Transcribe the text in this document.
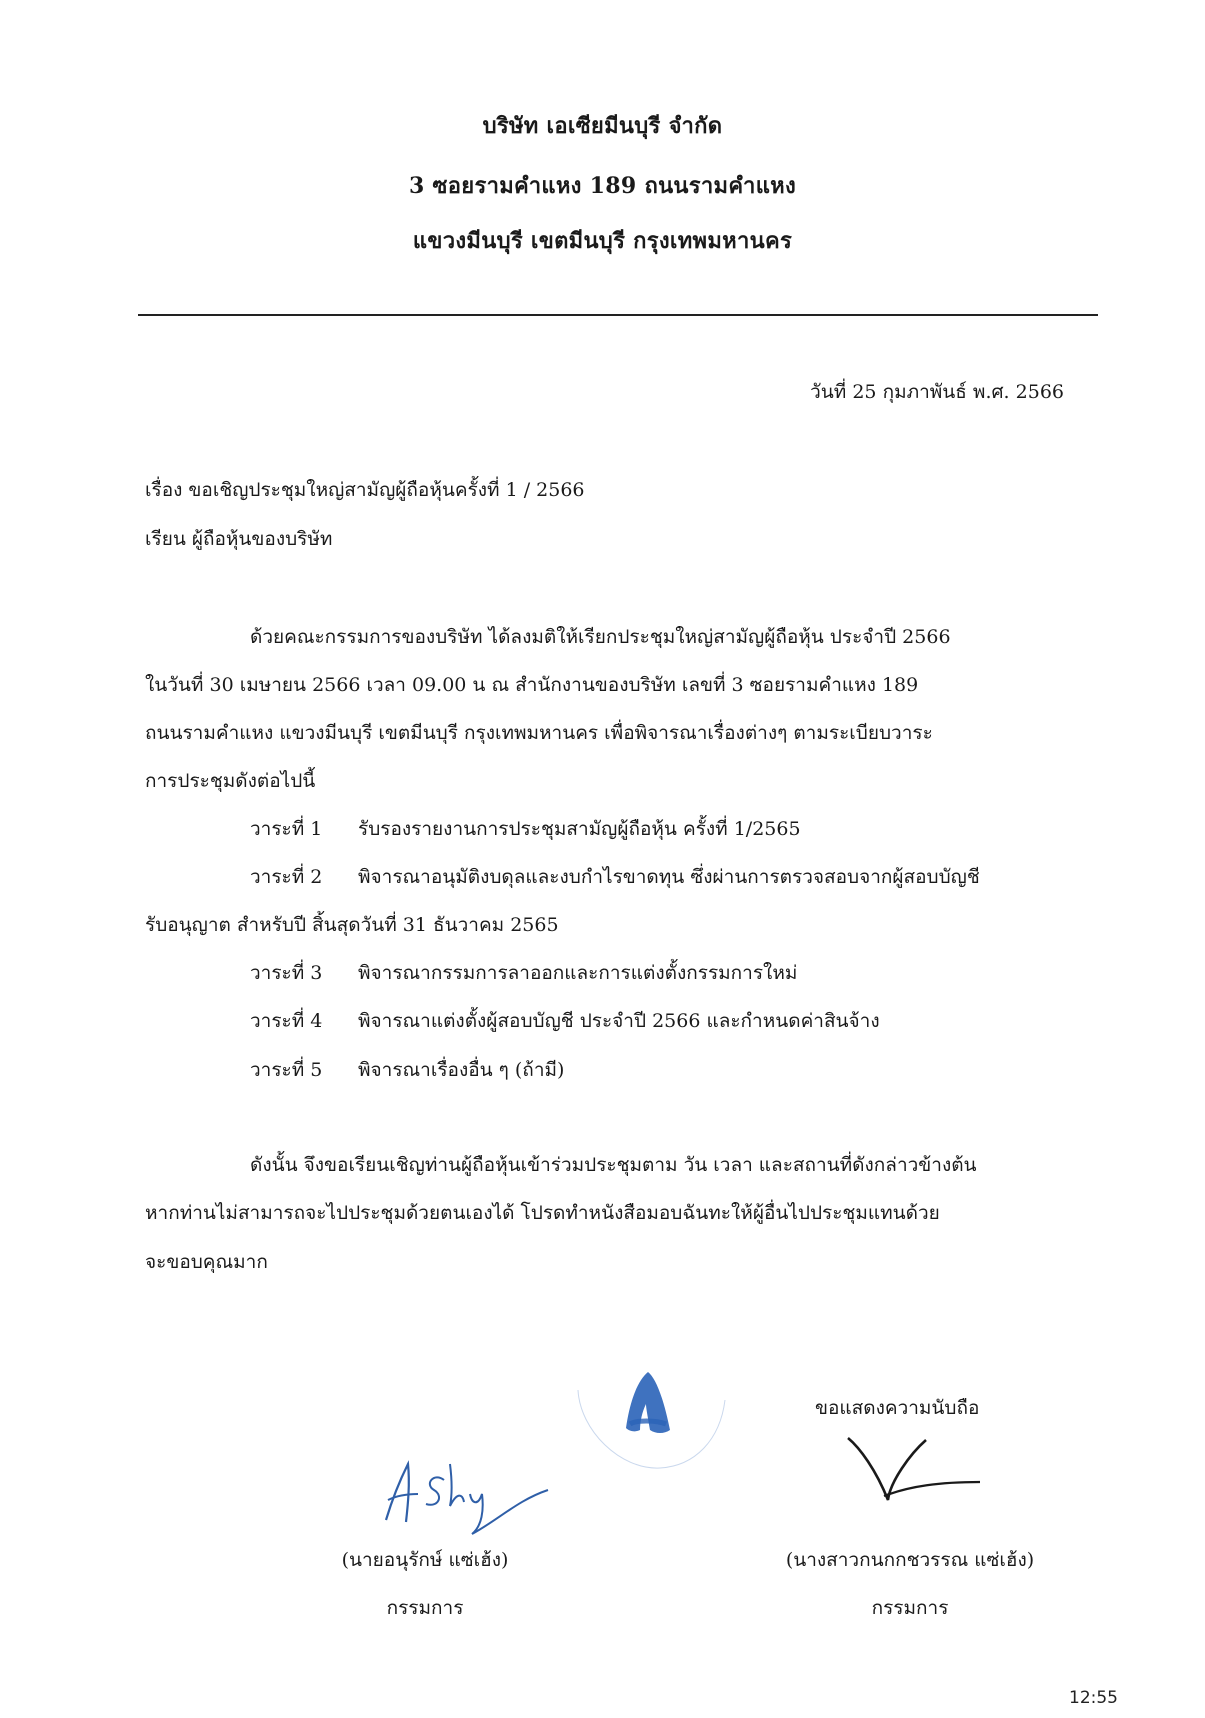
บริษัท เอเซียมีนบุรี จำกัด
3 ซอยรามคำแหง 189 ถนนรามคำแหง
แขวงมีนบุรี เขตมีนบุรี กรุงเทพมหานคร
วันที่ 25 กุมภาพันธ์ พ.ศ. 2566
เรื่อง ขอเชิญประชุมใหญ่สามัญผู้ถือหุ้นครั้งที่ 1 / 2566
เรียน ผู้ถือหุ้นของบริษัท
ด้วยคณะกรรมการของบริษัท ได้ลงมติให้เรียกประชุมใหญ่สามัญผู้ถือหุ้น ประจำปี 2566
ในวันที่ 30 เมษายน 2566 เวลา 09.00 น ณ สำนักงานของบริษัท เลขที่ 3 ซอยรามคำแหง 189
ถนนรามคำแหง แขวงมีนบุรี เขตมีนบุรี กรุงเทพมหานคร เพื่อพิจารณาเรื่องต่างๆ ตามระเบียบวาระ
การประชุมดังต่อไปนี้
วาระที่ 1 รับรองรายงานการประชุมสามัญผู้ถือหุ้น ครั้งที่ 1/2565
วาระที่ 2 พิจารณาอนุมัติงบดุลและงบกำไรขาดทุน ซึ่งผ่านการตรวจสอบจากผู้สอบบัญชี
รับอนุญาต สำหรับปี สิ้นสุดวันที่ 31 ธันวาคม 2565
วาระที่ 3 พิจารณากรรมการลาออกและการแต่งตั้งกรรมการใหม่
วาระที่ 4 พิจารณาแต่งตั้งผู้สอบบัญชี ประจำปี 2566 และกำหนดค่าสินจ้าง
วาระที่ 5 พิจารณาเรื่องอื่น ๆ (ถ้ามี)
ดังนั้น จึงขอเรียนเชิญท่านผู้ถือหุ้นเข้าร่วมประชุมตาม วัน เวลา และสถานที่ดังกล่าวข้างต้น
หากท่านไม่สามารถจะไปประชุมด้วยตนเองได้ โปรดทำหนังสือมอบฉันทะให้ผู้อื่นไปประชุมแทนด้วย
จะขอบคุณมาก
ขอแสดงความนับถือ
(นายอนุรักษ์ แซ่เฮ้ง)
กรรมการ
(นางสาวกนกกชวรรณ แซ่เฮ้ง)
กรรมการ
12:55
